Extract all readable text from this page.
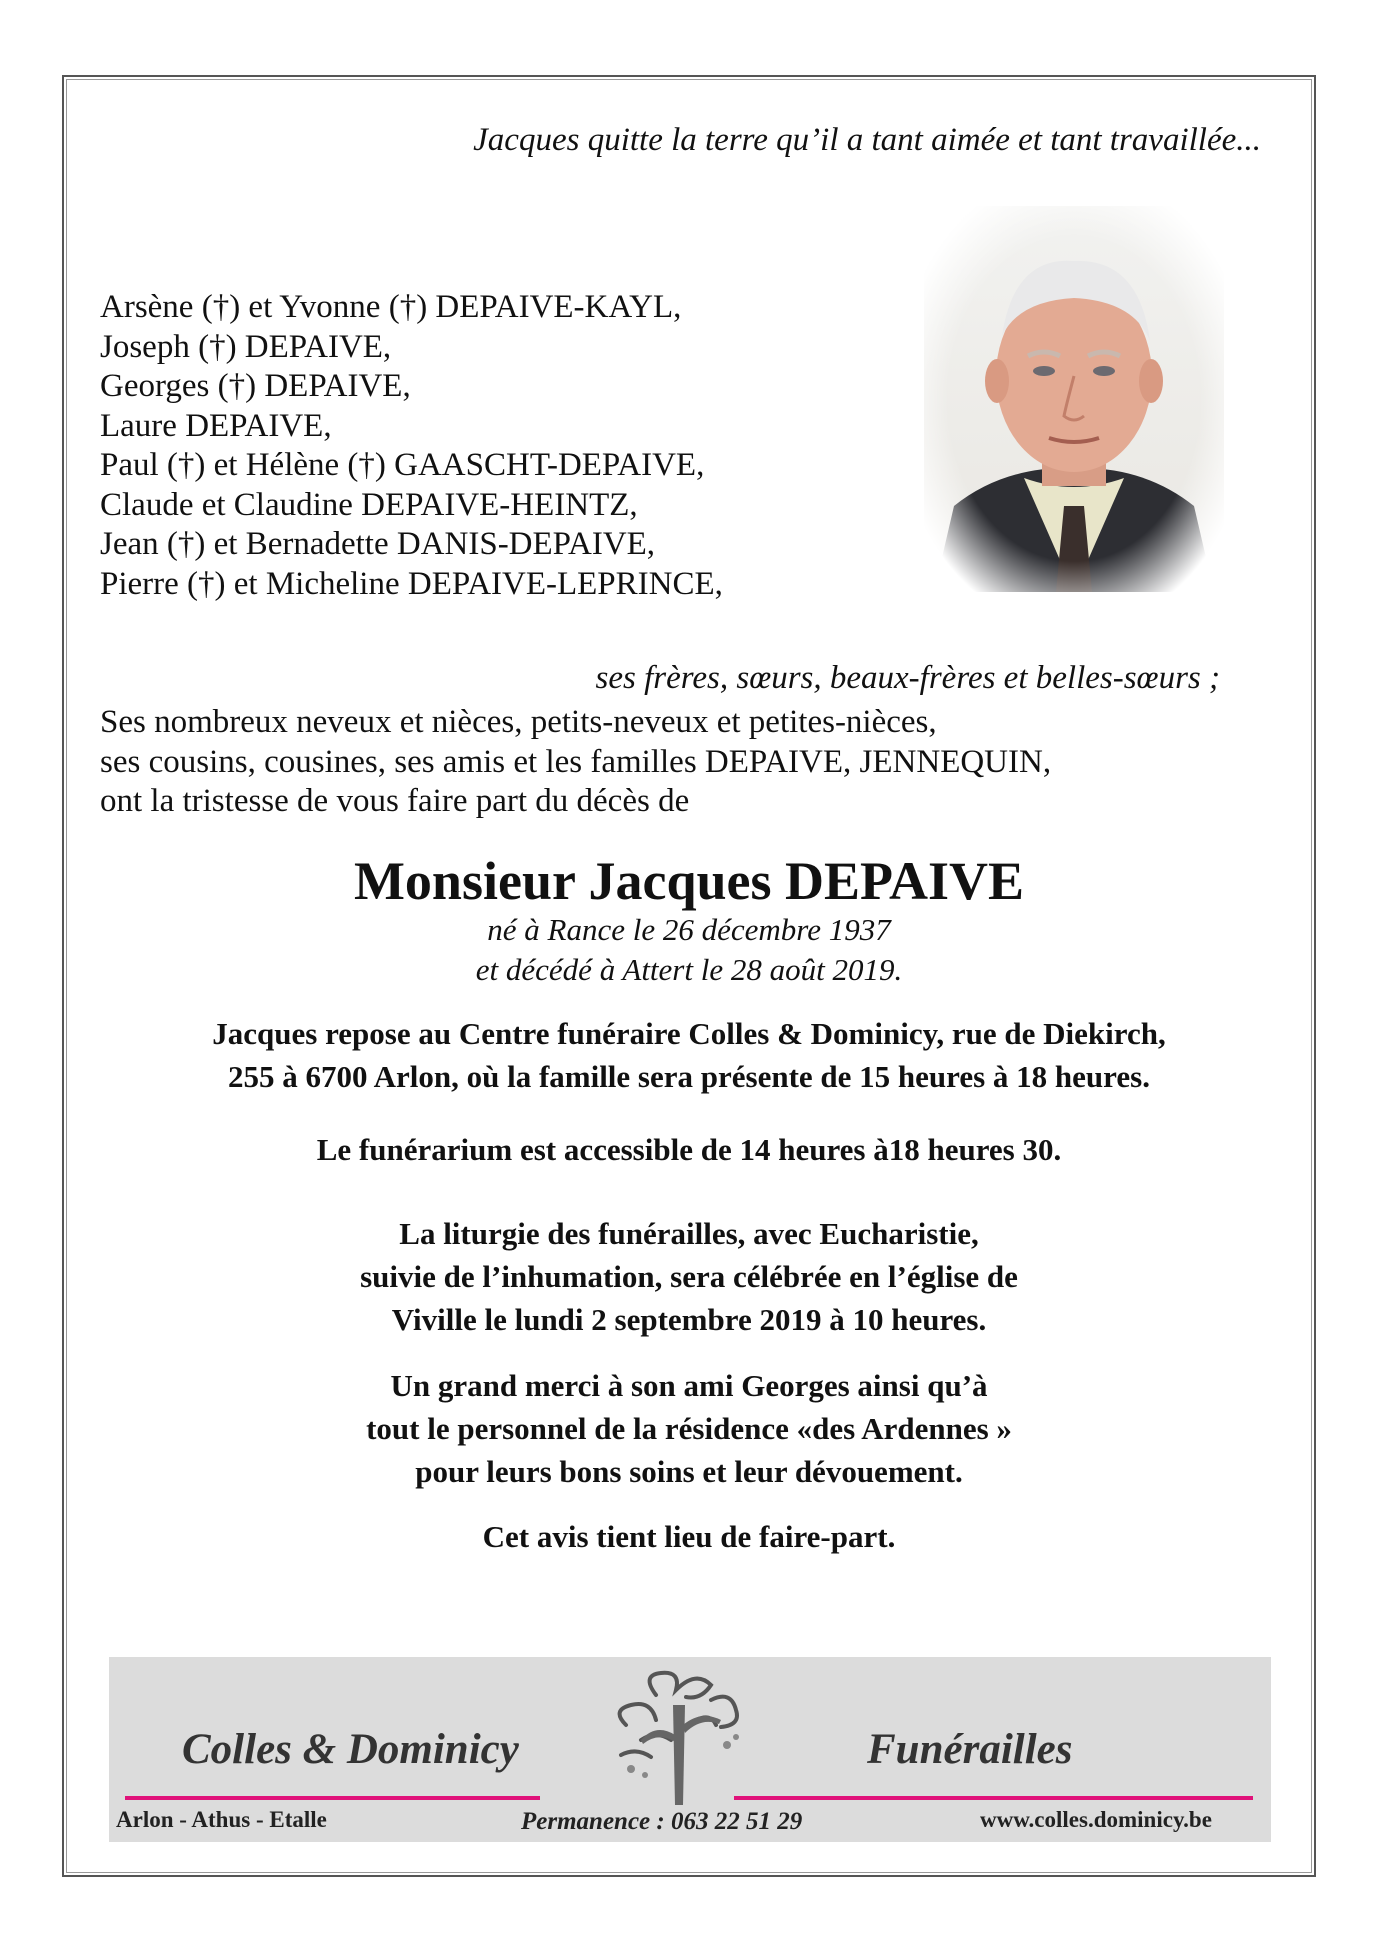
Jacques quitte la terre qu’il a tant aimée et tant travaillée...
Arsène (†) et Yvonne (†) DEPAIVE-KAYL,
Joseph (†) DEPAIVE,
Georges (†) DEPAIVE,
Laure DEPAIVE,
Paul (†) et Hélène (†) GAASCHT-DEPAIVE,
Claude et Claudine DEPAIVE-HEINTZ,
Jean (†) et Bernadette DANIS-DEPAIVE,
Pierre (†) et Micheline DEPAIVE-LEPRINCE,
ses frères, sœurs, beaux-frères et belles-sœurs ;
Ses nombreux neveux et nièces, petits-neveux et petites-nièces,
ses cousins, cousines, ses amis et les familles DEPAIVE, JENNEQUIN,
ont la tristesse de vous faire part du décès de
Monsieur Jacques DEPAIVE
né à Rance le 26 décembre 1937
et décédé à Attert le 28 août 2019.
Jacques repose au Centre funéraire Colles & Dominicy, rue de Diekirch,
255 à 6700 Arlon, où la famille sera présente de 15 heures à 18 heures.
Le funérarium est accessible de 14 heures à18 heures 30.
La liturgie des funérailles, avec Eucharistie,
suivie de l’inhumation, sera célébrée en l’église de
Viville le lundi 2 septembre 2019 à 10 heures.
Un grand merci à son ami Georges ainsi qu’à
tout le personnel de la résidence «des Ardennes »
pour leurs bons soins et leur dévouement.
Cet avis tient lieu de faire-part.
Colles & Dominicy	Funérailles
Arlon - Athus - Etalle	Permanence : 063 22 51 29	www.colles.dominicy.be
